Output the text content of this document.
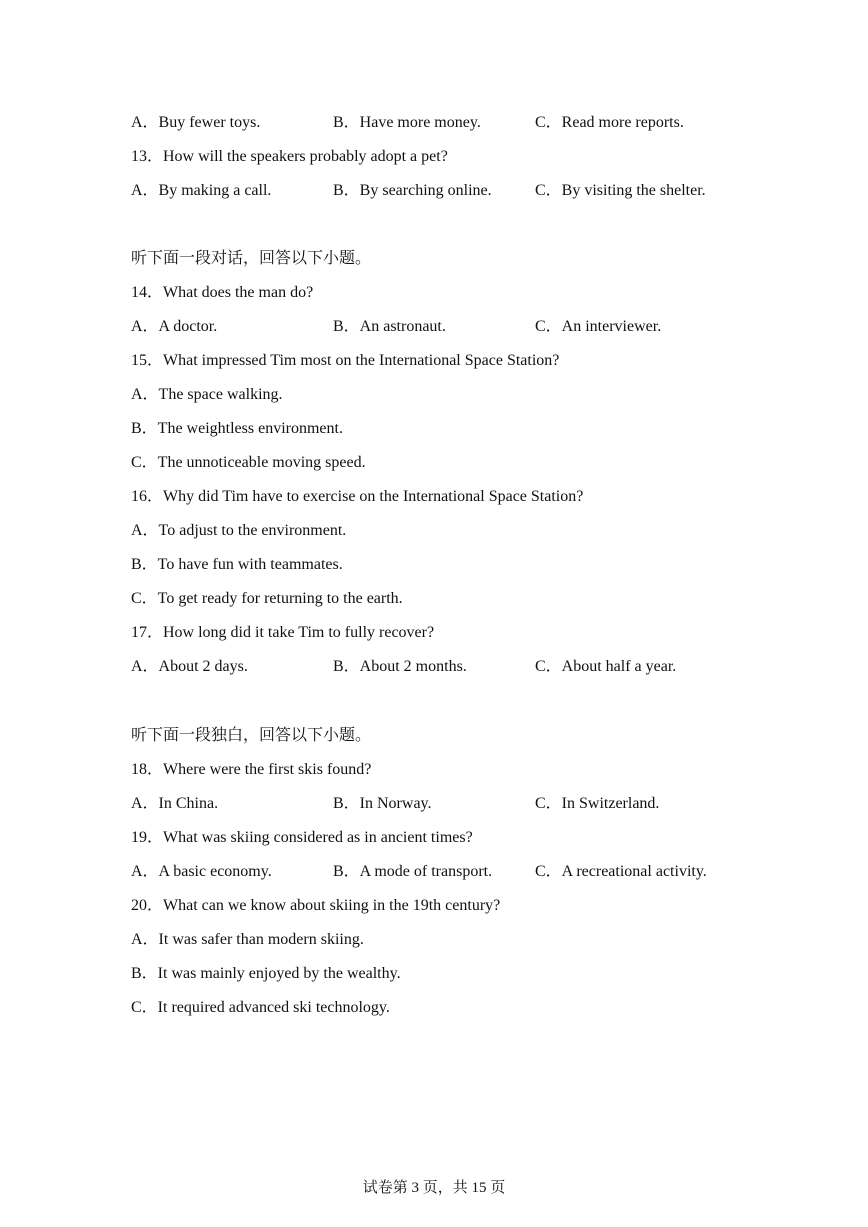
A．Buy fewer toys.	B．Have more money.	C．Read more reports.
13．How will the speakers probably adopt a pet?
A．By making a call.	B．By searching online.	C．By visiting the shelter.
听下面一段对话，回答以下小题。
14．What does the man do?
A．A doctor.	B．An astronaut.	C．An interviewer.
15．What impressed Tim most on the International Space Station?
A．The space walking.
B．The weightless environment.
C．The unnoticeable moving speed.
16．Why did Tim have to exercise on the International Space Station?
A．To adjust to the environment.
B．To have fun with teammates.
C．To get ready for returning to the earth.
17．How long did it take Tim to fully recover?
A．About 2 days.	B．About 2 months.	C．About half a year.
听下面一段独白，回答以下小题。
18．Where were the first skis found?
A．In China.	B．In Norway.	C．In Switzerland.
19．What was skiing considered as in ancient times?
A．A basic economy.	B．A mode of transport.	C．A recreational activity.
20．What can we know about skiing in the 19th century?
A．It was safer than modern skiing.
B．It was mainly enjoyed by the wealthy.
C．It required advanced ski technology.
试卷第 3 页，共 15 页
